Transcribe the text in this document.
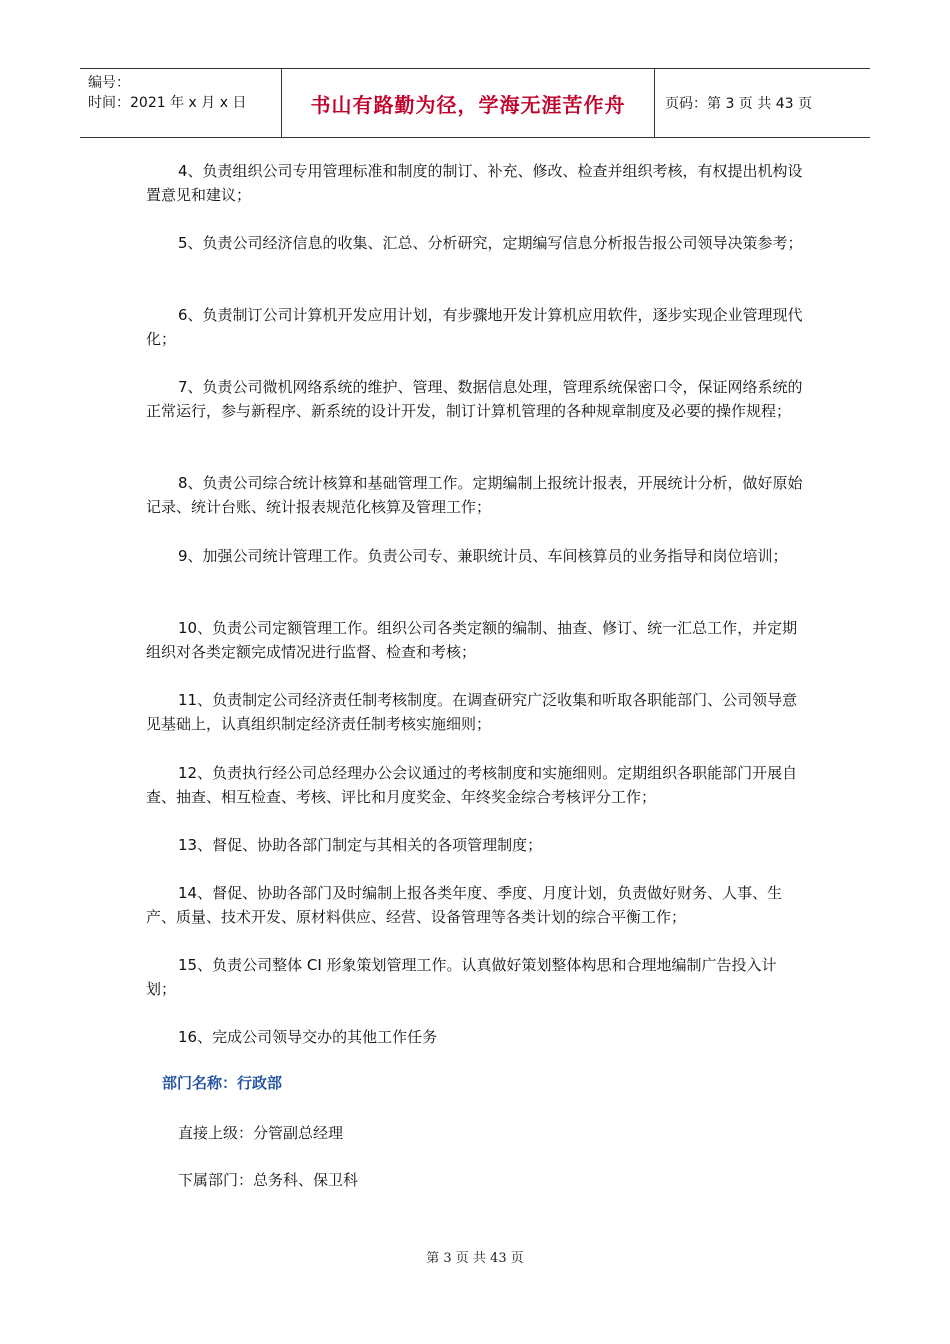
编号：
时间：2021 年 x 月 x 日	书山有路勤为径，学海无涯苦作舟	页码：第 3 页 共 43 页
4、负责组织公司专用管理标准和制度的制订、补充、修改、检查并组织考核，有权提出机构设置意见和建议；
5、负责公司经济信息的收集、汇总、分析研究，定期编写信息分析报告报公司领导决策参考；
6、负责制订公司计算机开发应用计划，有步骤地开发计算机应用软件，逐步实现企业管理现代化；
7、负责公司微机网络系统的维护、管理、数据信息处理，管理系统保密口令，保证网络系统的正常运行，参与新程序、新系统的设计开发，制订计算机管理的各种规章制度及必要的操作规程；
8、负责公司综合统计核算和基础管理工作。定期编制上报统计报表，开展统计分析，做好原始记录、统计台账、统计报表规范化核算及管理工作；
9、加强公司统计管理工作。负责公司专、兼职统计员、车间核算员的业务指导和岗位培训；
10、负责公司定额管理工作。组织公司各类定额的编制、抽查、修订、统一汇总工作，并定期组织对各类定额完成情况进行监督、检查和考核；
11、负责制定公司经济责任制考核制度。在调查研究广泛收集和听取各职能部门、公司领导意见基础上，认真组织制定经济责任制考核实施细则；
12、负责执行经公司总经理办公会议通过的考核制度和实施细则。定期组织各职能部门开展自查、抽查、相互检查、考核、评比和月度奖金、年终奖金综合考核评分工作；
13、督促、协助各部门制定与其相关的各项管理制度；
14、督促、协助各部门及时编制上报各类年度、季度、月度计划，负责做好财务、人事、生产、质量、技术开发、原材料供应、经营、设备管理等各类计划的综合平衡工作；
15、负责公司整体 CI 形象策划管理工作。认真做好策划整体构思和合理地编制广告投入计划；
16、完成公司领导交办的其他工作任务
部门名称：行政部
直接上级：分管副总经理
下属部门：总务科、保卫科
第 3 页 共 43 页
